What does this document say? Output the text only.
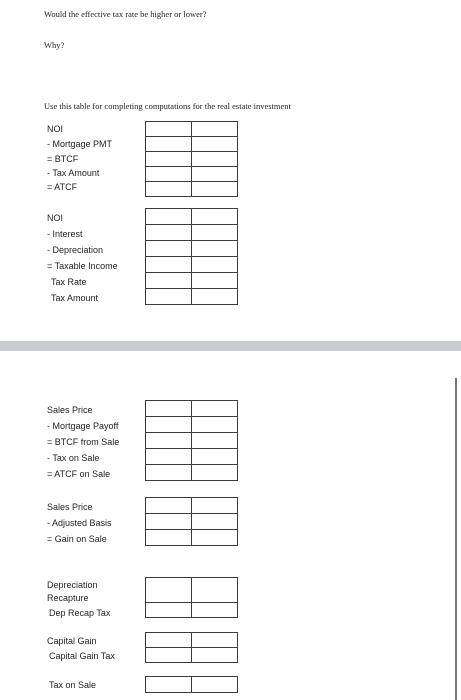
Would the effective tax rate be higher or lower?
Why?
Use this table for completing computations for the real estate investment
NOI
- Mortgage PMT
= BTCF
- Tax Amount
= ATCF

NOI
- Interest
- Depreciation
= Taxable Income
Tax Rate
Tax Amount

Sales Price
- Mortgage Payoff
= BTCF from Sale
- Tax on Sale
= ATCF on Sale

Sales Price
- Adjusted Basis
= Gain on Sale

Depreciation
Recapture
Dep Recap Tax

Capital Gain
Capital Gain Tax

Tax on Sale
